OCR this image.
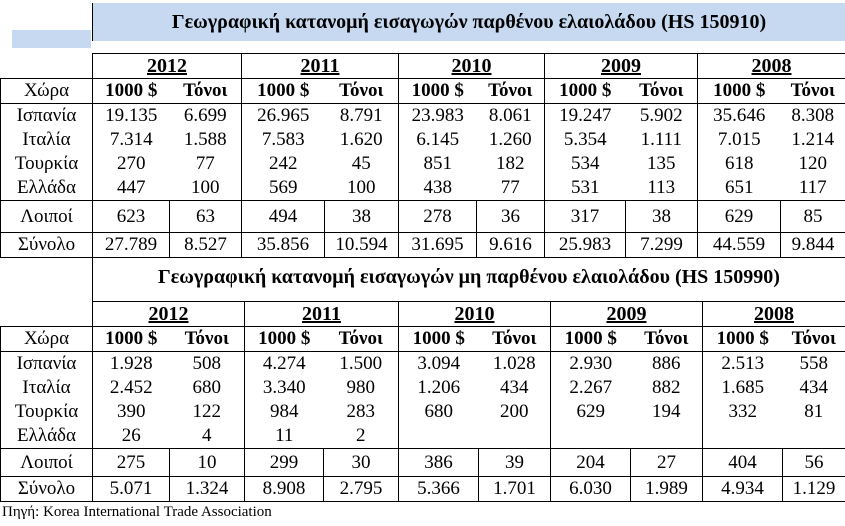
Γεωγραφική κατανομή εισαγωγών παρθένου ελαιολάδου (HS 150910)
Γεωγραφική κατανομή εισαγωγών μη παρθένου ελαιολάδου (HS 150990)
	2012		2011		2010		2009		2008	
Χώρα	1000 $	Τόνοι	1000 $	Τόνοι	1000 $	Τόνοι	1000 $	Τόνοι	1000 $	Τόνοι
Ισπανία	19.135	6.699	26.965	8.791	23.983	8.061	19.247	5.902	35.646	8.308
Ιταλία	7.314	1.588	7.583	1.620	6.145	1.260	5.354	1.111	7.015	1.214
Τουρκία	270	77	242	45	851	182	534	135	618	120
Ελλάδα	447	100	569	100	438	77	531	113	651	117
Λοιποί	623	63	494	38	278	36	317	38	629	85
Σύνολο	27.789	8.527	35.856	10.594	31.695	9.616	25.983	7.299	44.559	9.844
	2012		2011		2010		2009		2008	
Χώρα	1000 $	Τόνοι	1000 $	Τόνοι	1000 $	Τόνοι	1000 $	Τόνοι	1000 $	Τόνοι
Ισπανία	1.928	508	4.274	1.500	3.094	1.028	2.930	886	2.513	558
Ιταλία	2.452	680	3.340	980	1.206	434	2.267	882	1.685	434
Τουρκία	390	122	984	283	680	200	629	194	332	81
Ελλάδα	26	4	11	2						
Λοιποί	275	10	299	30	386	39	204	27	404	56
Σύνολο	5.071	1.324	8.908	2.795	5.366	1.701	6.030	1.989	4.934	1.129
Πηγή: Korea International Trade Association
